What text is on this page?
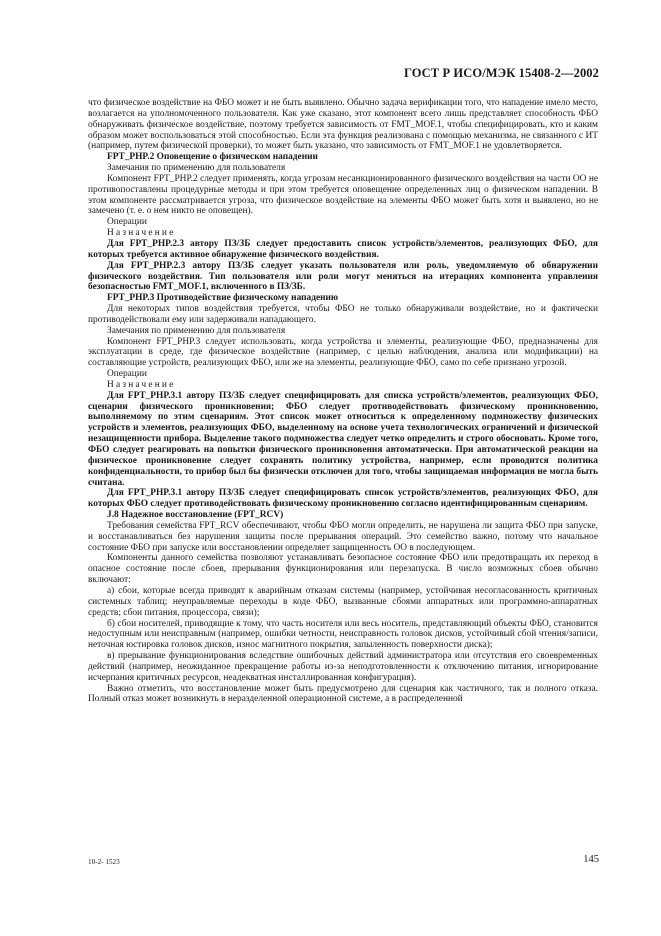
ГОСТ Р ИСО/МЭК 15408-2—2002

что физическое воздействие на ФБО может и не быть выявлено. Обычно задача верификации того, что нападение имело место, возлагается на уполномоченного пользователя. Как уже сказано, этот компонент всего лишь представляет способность ФБО обнаруживать физическое воздействие, поэтому требуется зависимость от FMT_MOF.1, чтобы специфицировать, кто и каким образом может воспользоваться этой способностью. Если эта функция реализована с помощью механизма, не связанного с ИТ (например, путем физической проверки), то может быть указано, что зависимость от FMT_MOF.1 не удовлетворяется.

FPT_PHP.2 Оповещение о физическом нападении

Замечания по применению для пользователя

Компонент FPT_PHP.2 следует применять, когда угрозам несанкционированного физического воздействия на части ОО не противопоставлены процедурные методы и при этом требуется оповещение определенных лиц о физическом нападении. В этом компоненте рассматривается угроза, что физическое воздействие на элементы ФБО может быть хотя и выявлено, но не замечено (т. е. о нем никто не оповещен).

Операции

Назначение

Для FPT_PHP.2.3 автору ПЗ/ЗБ следует предоставить список устройств/элементов, реализующих ФБО, для которых требуется активное обнаружение физического воздействия.

Для FPT_PHP.2.3 автору ПЗ/ЗБ следует указать пользователя или роль, уведомляемую об обнаружении физического воздействия. Тип пользователя или роли могут меняться на итерациях компонента управления безопасностью FMT_MOF.1, включенного в ПЗ/ЗБ.

FPT_PHP.3 Противодействие физическому нападению

Для некоторых типов воздействия требуется, чтобы ФБО не только обнаруживали воздействие, но и фактически противодействовали ему или задерживали нападающего.

Замечания по применению для пользователя

Компонент FPT_PHP.3 следует использовать, когда устройства и элементы, реализующие ФБО, предназначены для эксплуатации в среде, где физическое воздействие (например, с целью наблюдения, анализа или модификации) на составляющие устройств, реализующих ФБО, или же на элементы, реализующие ФБО, само по себе признано угрозой.

Операции

Назначение

Для FPT_PHP.3.1 автору ПЗ/ЗБ следует специфицировать для списка устройств/элементов, реализующих ФБО, сценарии физического проникновения; ФБО следует противодействовать физическому проникновению, выполняемому по этим сценариям. Этот список может относиться к определенному подмножеству физических устройств и элементов, реализующих ФБО, выделенному на основе учета технологических ограничений и физической незащищенности прибора. Выделение такого подмножества следует четко определить и строго обосновать. Кроме того, ФБО следует реагировать на попытки физического проникновения автоматически. При автоматической реакции на физическое проникновение следует сохранять политику устройства, например, если проводится политика конфиденциальности, то прибор был бы физически отключен для того, чтобы защищаемая информация не могла быть считана.

Для FPT_PHP.3.1 автору ПЗ/ЗБ следует специфицировать список устройств/элементов, реализующих ФБО, для которых ФБО следует противодействовать физическому проникновению согласно идентифицированным сценариям.

J.8 Надежное восстановление (FPT_RCV)

Требования семейства FPT_RCV обеспечивают, чтобы ФБО могли определить, не нарушена ли защита ФБО при запуске, и восстанавливаться без нарушения защиты после прерывания операций. Это семейство важно, потому что начальное состояние ФБО при запуске или восстановлении определяет защищенность ОО в последующем.

Компоненты данного семейства позволяют устанавливать безопасное состояние ФБО или предотвращать их переход в опасное состояние после сбоев, прерывания функционирования или перезапуска. В число возможных сбоев обычно включают:

а) сбои, которые всегда приводят к аварийным отказам системы (например, устойчивая несогласованность критичных системных таблиц; неуправляемые переходы в коде ФБО, вызванные сбоями аппаратных или программно-аппаратных средств; сбои питания, процессора, связи);

б) сбои носителей, приводящие к тому, что часть носителя или весь носитель, представляющий объекты ФБО, становится недоступным или неисправным (например, ошибки четности, неисправность головок дисков, устойчивый сбой чтения/записи, неточная юстировка головок дисков, износ магнитного покрытия, запыленность поверхности диска);

в) прерывание функционирования вследствие ошибочных действий администратора или отсутствия его своевременных действий (например, неожиданное прекращение работы из-за неподготовленности к отключению питания, игнорирование исчерпания критичных ресурсов, неадекватная инсталлированная конфигурация).

Важно отметить, что восстановление может быть предусмотрено для сценария как частичного, так и полного отказа. Полный отказ может возникнуть в неразделенной операционной системе, а в распределенной

10-2- 1523	145
